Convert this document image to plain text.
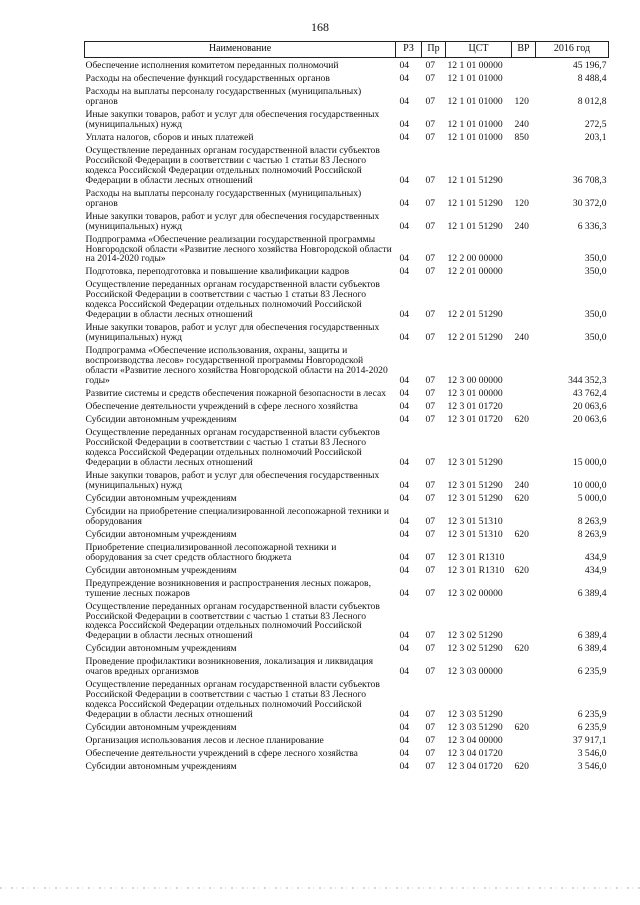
168
Наименование	РЗ	Пр	ЦСТ	ВР	2016 год
Обеспечение исполнения комитетом переданных полномочий	04	07	12 1 01 00000		45 196,7
Расходы на обеспечение функций государственных органов	04	07	12 1 01 01000		8 488,4
Расходы на выплаты персоналу государственных (муниципальных) органов	04	07	12 1 01 01000	120	8 012,8
Иные закупки товаров, работ и услуг для обеспечения государственных (муниципальных) нужд	04	07	12 1 01 01000	240	272,5
Уплата налогов, сборов и иных платежей	04	07	12 1 01 01000	850	203,1
Осуществление переданных органам государственной власти субъектов Российской Федерации в соответствии с частью 1 статьи 83 Лесного кодекса Российской Федерации отдельных полномочий Российской Федерации в области лесных отношений	04	07	12 1 01 51290		36 708,3
Расходы на выплаты персоналу государственных (муниципальных) органов	04	07	12 1 01 51290	120	30 372,0
Иные закупки товаров, работ и услуг для обеспечения государственных (муниципальных) нужд	04	07	12 1 01 51290	240	6 336,3
Подпрограмма «Обеспечение реализации государственной программы Новгородской области «Развитие лесного хозяйства Новгородской области на 2014-2020 годы»	04	07	12 2 00 00000		350,0
Подготовка, переподготовка и повышение квалификации кадров	04	07	12 2 01 00000		350,0
Осуществление переданных органам государственной власти субъектов Российской Федерации в соответствии с частью 1 статьи 83 Лесного кодекса Российской Федерации отдельных полномочий Российской Федерации в области лесных отношений	04	07	12 2 01 51290		350,0
Иные закупки товаров, работ и услуг для обеспечения государственных (муниципальных) нужд	04	07	12 2 01 51290	240	350,0
Подпрограмма «Обеспечение использования, охраны, защиты и воспроизводства лесов» государственной программы Новгородской области «Развитие лесного хозяйства Новгородской области на 2014-2020 годы»	04	07	12 3 00 00000		344 352,3
Развитие системы и средств обеспечения пожарной безопасности в лесах	04	07	12 3 01 00000		43 762,4
Обеспечение деятельности учреждений в сфере лесного хозяйства	04	07	12 3 01 01720		20 063,6
Субсидии автономным учреждениям	04	07	12 3 01 01720	620	20 063,6
Осуществление переданных органам государственной власти субъектов Российской Федерации в соответствии с частью 1 статьи 83 Лесного кодекса Российской Федерации отдельных полномочий Российской Федерации в области лесных отношений	04	07	12 3 01 51290		15 000,0
Иные закупки товаров, работ и услуг для обеспечения государственных (муниципальных) нужд	04	07	12 3 01 51290	240	10 000,0
Субсидии автономным учреждениям	04	07	12 3 01 51290	620	5 000,0
Субсидии на приобретение специализированной лесопожарной техники и оборудования	04	07	12 3 01 51310		8 263,9
Субсидии автономным учреждениям	04	07	12 3 01 51310	620	8 263,9
Приобретение специализированной лесопожарной техники и оборудования за счет средств областного бюджета	04	07	12 3 01 R1310		434,9
Субсидии автономным учреждениям	04	07	12 3 01 R1310	620	434,9
Предупреждение возникновения и распространения лесных пожаров, тушение лесных пожаров	04	07	12 3 02 00000		6 389,4
Осуществление переданных органам государственной власти субъектов Российской Федерации в соответствии с частью 1 статьи 83 Лесного кодекса Российской Федерации отдельных полномочий Российской Федерации в области лесных отношений	04	07	12 3 02 51290		6 389,4
Субсидии автономным учреждениям	04	07	12 3 02 51290	620	6 389,4
Проведение профилактики возникновения, локализация и ликвидация очагов вредных организмов	04	07	12 3 03 00000		6 235,9
Осуществление переданных органам государственной власти субъектов Российской Федерации в соответствии с частью 1 статьи 83 Лесного кодекса Российской Федерации отдельных полномочий Российской Федерации в области лесных отношений	04	07	12 3 03 51290		6 235,9
Субсидии автономным учреждениям	04	07	12 3 03 51290	620	6 235,9
Организация использования лесов и лесное планирование	04	07	12 3 04 00000		37 917,1
Обеспечение деятельности учреждений в сфере лесного хозяйства	04	07	12 3 04 01720		3 546,0
Субсидии автономным учреждениям	04	07	12 3 04 01720	620	3 546,0
